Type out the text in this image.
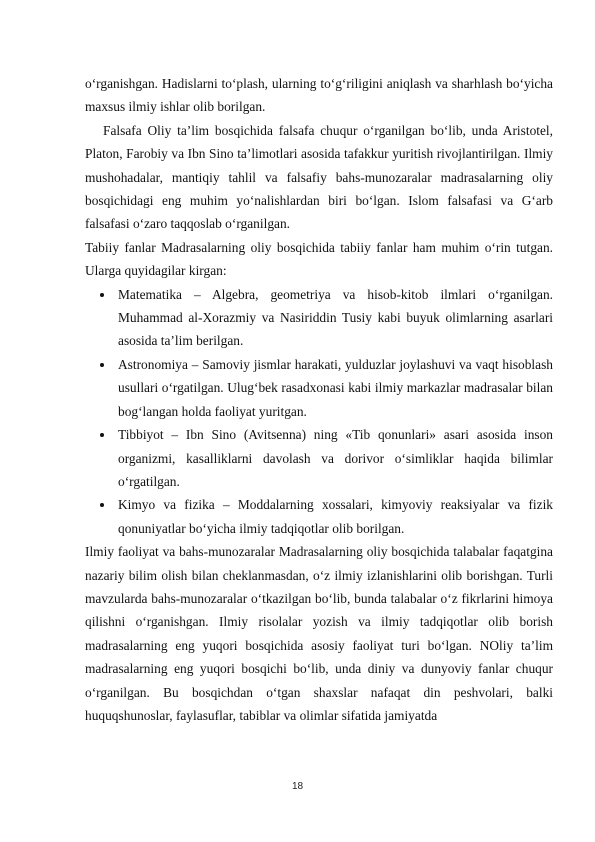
o‘rganishgan. Hadislarni to‘plash, ularning to‘g‘riligini aniqlash va sharhlash bo‘yicha maxsus ilmiy ishlar olib borilgan.

Falsafa Oliy ta’lim bosqichida falsafa chuqur o‘rganilgan bo‘lib, unda Aristotel, Platon, Farobiy va Ibn Sino ta’limotlari asosida tafakkur yuritish rivojlantirilgan. Ilmiy mushohadalar, mantiqiy tahlil va falsafiy bahs-munozaralar madrasalarning oliy bosqichidagi eng muhim yo‘nalishlardan biri bo‘lgan. Islom falsafasi va G‘arb falsafasi o‘zaro taqqoslab o‘rganilgan.

Tabiiy fanlar Madrasalarning oliy bosqichida tabiiy fanlar ham muhim o‘rin tutgan. Ularga quyidagilar kirgan:

Matematika – Algebra, geometriya va hisob-kitob ilmlari o‘rganilgan. Muhammad al-Xorazmiy va Nasiriddin Tusiy kabi buyuk olimlarning asarlari asosida ta’lim berilgan.
Astronomiya – Samoviy jismlar harakati, yulduzlar joylashuvi va vaqt hisoblash usullari o‘rgatilgan. Ulug‘bek rasadxonasi kabi ilmiy markazlar madrasalar bilan bog‘langan holda faoliyat yuritgan.
Tibbiyot – Ibn Sino (Avitsenna) ning «Tib qonunlari» asari asosida inson organizmi, kasalliklarni davolash va dorivor o‘simliklar haqida bilimlar o‘rgatilgan.
Kimyo va fizika – Moddalarning xossalari, kimyoviy reaksiyalar va fizik qonuniyatlar bo‘yicha ilmiy tadqiqotlar olib borilgan.

Ilmiy faoliyat va bahs-munozaralar Madrasalarning oliy bosqichida talabalar faqatgina nazariy bilim olish bilan cheklanmasdan, o‘z ilmiy izlanishlarini olib borishgan. Turli mavzularda bahs-munozaralar o‘tkazilgan bo‘lib, bunda talabalar o‘z fikrlarini himoya qilishni o‘rganishgan. Ilmiy risolalar yozish va ilmiy tadqiqotlar olib borish madrasalarning eng yuqori bosqichida asosiy faoliyat turi bo‘lgan. NOliy ta’lim madrasalarning eng yuqori bosqichi bo‘lib, unda diniy va dunyoviy fanlar chuqur o‘rganilgan. Bu bosqichdan o‘tgan shaxslar nafaqat din peshvolari, balki huquqshunoslar, faylasuflar, tabiblar va olimlar sifatida jamiyatda

18
